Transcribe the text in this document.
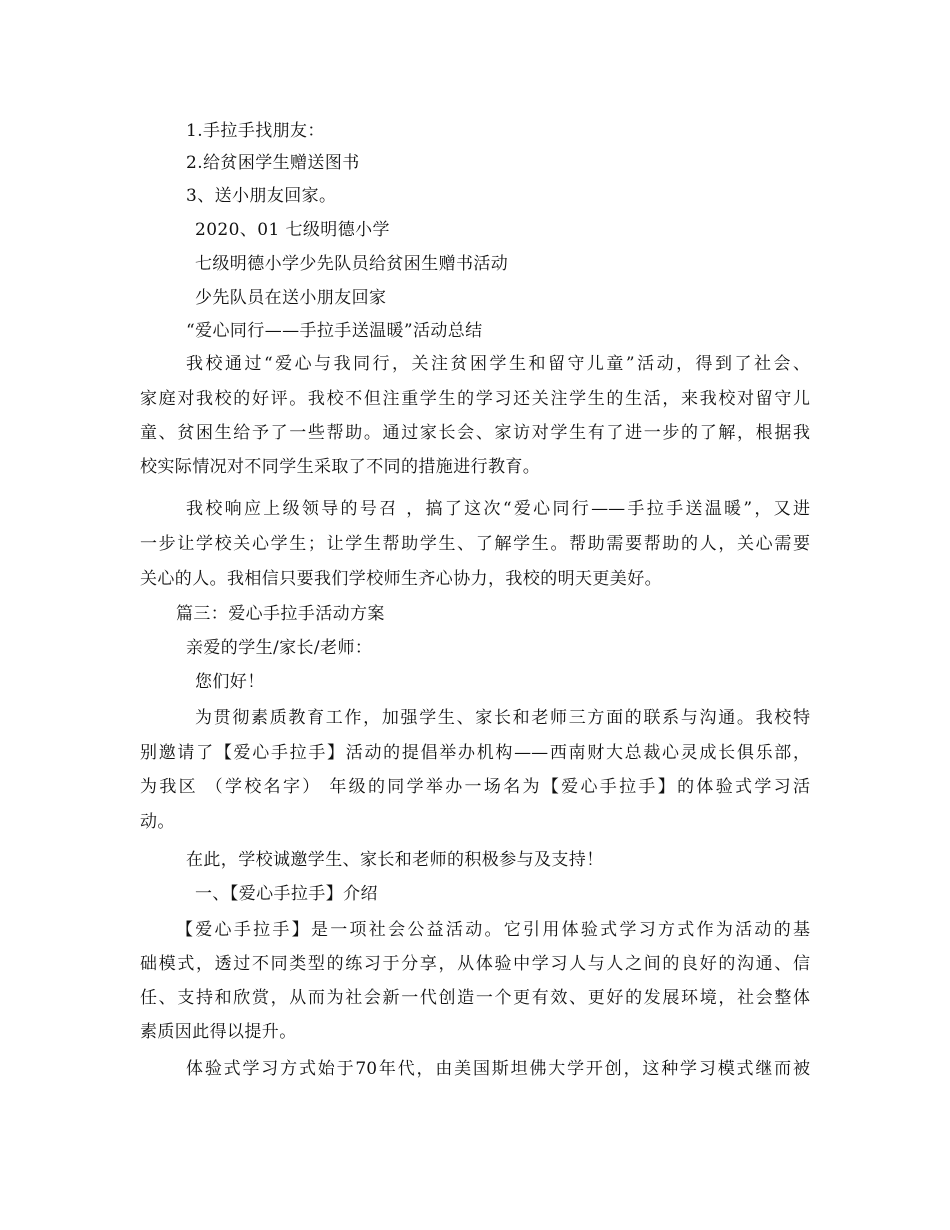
1.手拉手找朋友：
2.给贫困学生赠送图书
3、送小朋友回家。
2020、01 七级明德小学
七级明德小学少先队员给贫困生赠书活动
少先队员在送小朋友回家
“爱心同行——手拉手送温暖”活动总结
我校通过“爱心与我同行，关注贫困学生和留守儿童”活动，得到了社会、
家庭对我校的好评。我校不但注重学生的学习还关注学生的生活，来我校对留守儿
童、贫困生给予了一些帮助。通过家长会、家访对学生有了进一步的了解，根据我
校实际情况对不同学生采取了不同的措施进行教育。
我校响应上级领导的号召 ，搞了这次“爱心同行——手拉手送温暖”，又进
一步让学校关心学生；让学生帮助学生、了解学生。帮助需要帮助的人，关心需要
关心的人。我相信只要我们学校师生齐心协力，我校的明天更美好。
篇三：爱心手拉手活动方案
亲爱的学生/家长/老师：
您们好！
为贯彻素质教育工作，加强学生、家长和老师三方面的联系与沟通。我校特
别邀请了【爱心手拉手】活动的提倡举办机构——西南财大总裁心灵成长俱乐部，
为我区 （学校名字） 年级的同学举办一场名为【爱心手拉手】的体验式学习活
动。
在此，学校诚邀学生、家长和老师的积极参与及支持！
一、【爱心手拉手】介绍
【爱心手拉手】是一项社会公益活动。它引用体验式学习方式作为活动的基
础模式，透过不同类型的练习于分享，从体验中学习人与人之间的良好的沟通、信
任、支持和欣赏，从而为社会新一代创造一个更有效、更好的发展环境，社会整体
素质因此得以提升。
体验式学习方式始于70年代，由美国斯坦佛大学开创，这种学习模式继而被
